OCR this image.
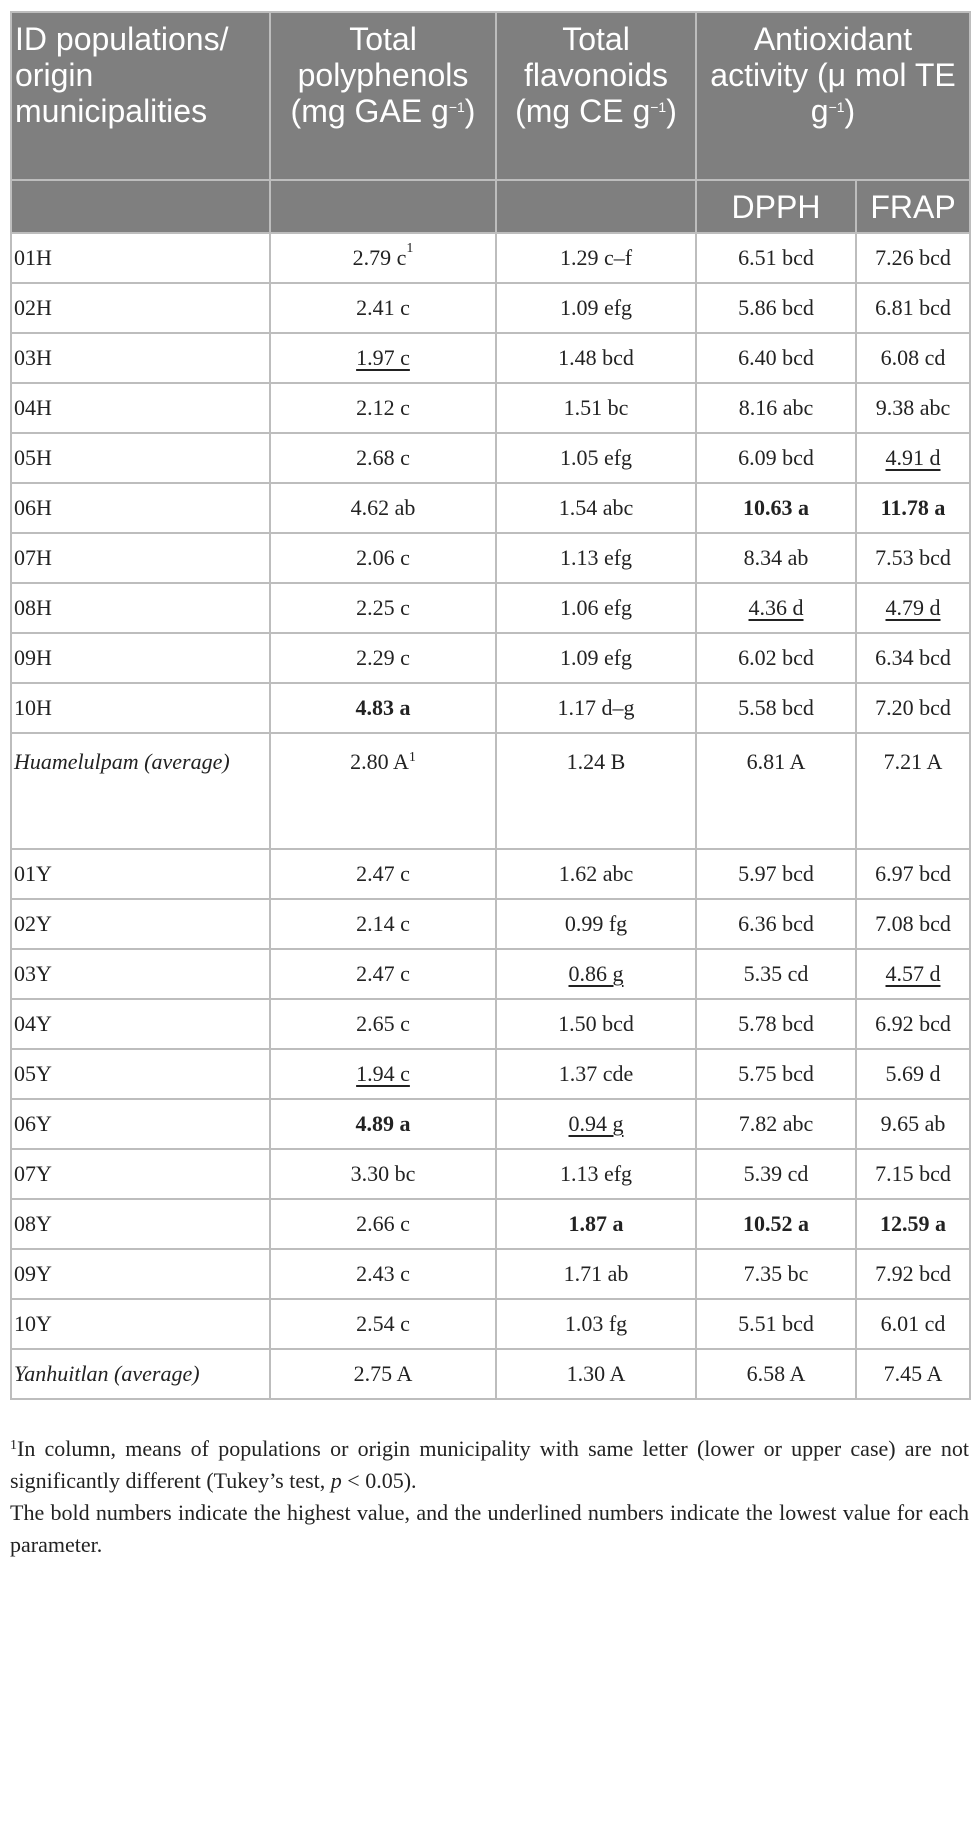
ID populations/ origin municipalities	Total polyphenols (mg GAE $g^{-1}$)	Total flavonoids (mg CE $g^{-1}$)	Antioxidant activity (μ mol TE $g^{-1}$)	
			DPPH	FRAP
01H	2.79 $c^1$	1.29 c–f	6.51 bcd	7.26 bcd
02H	2.41 c	1.09 efg	5.86 bcd	6.81 bcd
03H	1.97 c	1.48 bcd	6.40 bcd	6.08 cd
04H	2.12 c	1.51 bc	8.16 abc	9.38 abc
05H	2.68 c	1.05 efg	6.09 bcd	4.91 d
06H	4.62 ab	1.54 abc	10.63 a	11.78 a
07H	2.06 c	1.13 efg	8.34 ab	7.53 bcd
08H	2.25 c	1.06 efg	4.36 d	4.79 d
09H	2.29 c	1.09 efg	6.02 bcd	6.34 bcd
10H	4.83 a	1.17 d–g	5.58 bcd	7.20 bcd
Huamelulpam (average)	2.80 $A^1$	1.24 B	6.81 A	7.21 A
01Y	2.47 c	1.62 abc	5.97 bcd	6.97 bcd
02Y	2.14 c	0.99 fg	6.36 bcd	7.08 bcd
03Y	2.47 c	0.86 g	5.35 cd	4.57 d
04Y	2.65 c	1.50 bcd	5.78 bcd	6.92 bcd
05Y	1.94 c	1.37 cde	5.75 bcd	5.69 d
06Y	4.89 a	0.94 g	7.82 abc	9.65 ab
07Y	3.30 bc	1.13 efg	5.39 cd	7.15 bcd
08Y	2.66 c	1.87 a	10.52 a	12.59 a
09Y	2.43 c	1.71 ab	7.35 bc	7.92 bcd
10Y	2.54 c	1.03 fg	5.51 bcd	6.01 cd
Yanhuitlan (average)	2.75 A	1.30 A	6.58 A	7.45 A

$^1$In column, means of populations or origin municipality with same letter (lower or upper case) are not significantly different (Tukey’s test, p < 0.05).

The bold numbers indicate the highest value, and the underlined numbers indicate the lowest value for each parameter.
